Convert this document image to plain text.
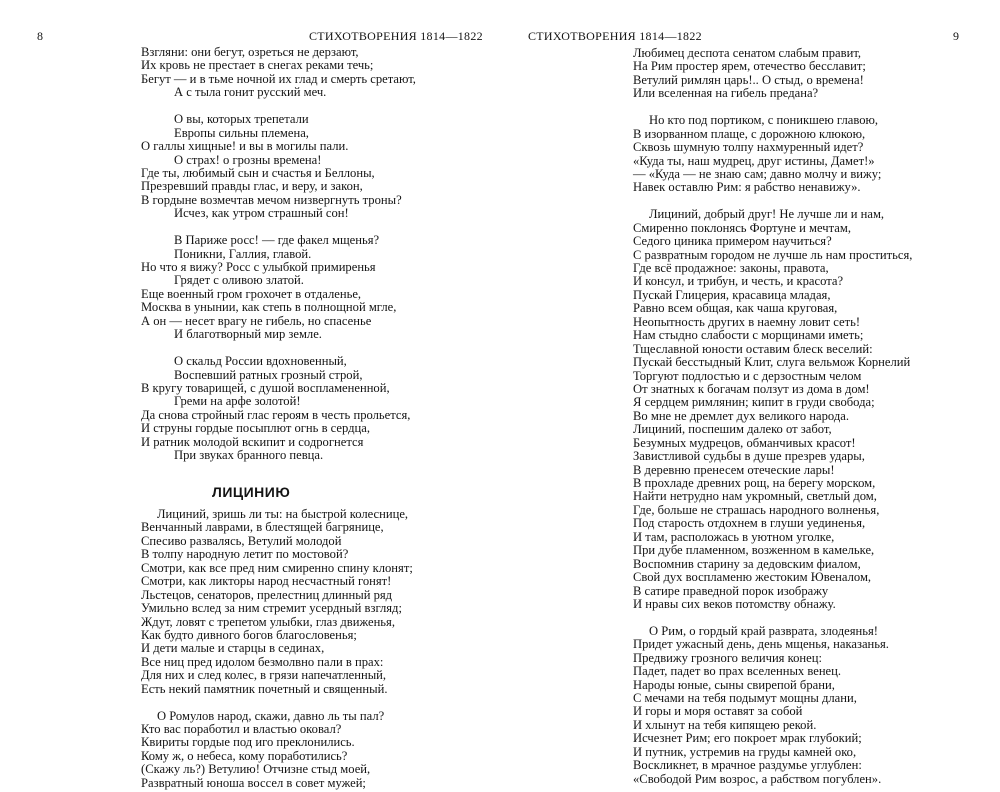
8	СТИХОТВОРЕНИЯ 1814—1822
Взгляни: они бегут, озреться не дерзают,
Их кровь не престает в снегах реками течь;
Бегут — и в тьме ночной их глад и смерть сретают,
А с тыла гонит русский меч.
О вы, которых трепетали
Европы сильны племена,
О галлы хищные! и вы в могилы пали.
О страх! о грозны времена!
Где ты, любимый сын и счастья и Беллоны,
Презревший правды глас, и веру, и закон,
В гордыне возмечтав мечом низвергнуть троны?
Исчез, как утром страшный сон!
В Париже росс! — где факел мщенья?
Поникни, Галлия, главой.
Но что я вижу? Росс с улыбкой примиренья
Грядет с оливою златой.
Еще военный гром грохочет в отдаленье,
Москва в унынии, как степь в полнощной мгле,
А он — несет врагу не гибель, но спасенье
И благотворный мир земле.
О скальд России вдохновенный,
Воспевший ратных грозный строй,
В кругу товарищей, с душой воспламененной,
Греми на арфе золотой!
Да снова стройный глас героям в честь прольется,
И струны гордые посыплют огнь в сердца,
И ратник молодой вскипит и содрогнется
При звуках бранного певца.
ЛИЦИНИЮ
Лициний, зришь ли ты: на быстрой колеснице,
Венчанный лаврами, в блестящей багрянице,
Спесиво развалясь, Ветулий молодой
В толпу народную летит по мостовой?
Смотри, как все пред ним смиренно спину клонят;
Смотри, как ликторы народ несчастный гонят!
Льстецов, сенаторов, прелестниц длинный ряд
Умильно вслед за ним стремит усердный взгляд;
Ждут, ловят с трепетом улыбки, глаз движенья,
Как будто дивного богов благословенья;
И дети малые и старцы в сединах,
Все ниц пред идолом безмолвно пали в прах:
Для них и след колес, в грязи напечатленный,
Есть некий памятник почетный и священный.
О Ромулов народ, скажи, давно ль ты пал?
Кто вас поработил и властью оковал?
Квириты гордые под иго преклонились.
Кому ж, о небеса, кому поработились?
(Скажу ль?) Ветулию! Отчизне стыд моей,
Развратный юноша воссел в совет мужей;
9
СТИХОТВОРЕНИЯ 1814—1822
Любимец деспота сенатом слабым правит,
На Рим простер ярем, отечество бесславит;
Ветулий римлян царь!.. О стыд, о времена!
Или вселенная на гибель предана?
Но кто под портиком, с поникшею главою,
В изорванном плаще, с дорожною клюкою,
Сквозь шумную толпу нахмуренный идет?
«Куда ты, наш мудрец, друг истины, Дамет!»
— «Куда — не знаю сам; давно молчу и вижу;
Навек оставлю Рим: я рабство ненавижу».
Лициний, добрый друг! Не лучше ли и нам,
Смиренно поклонясь Фортуне и мечтам,
Седого циника примером научиться?
С развратным городом не лучше ль нам проститься,
Где всё продажное: законы, правота,
И консул, и трибун, и честь, и красота?
Пускай Глицерия, красавица младая,
Равно всем общая, как чаша круговая,
Неопытность других в наемну ловит сеть!
Нам стыдно слабости с морщинами иметь;
Тщеславной юности оставим блеск веселий:
Пускай бесстыдный Клит, слуга вельмож Корнелий
Торгуют подлостью и с дерзостным челом
От знатных к богачам ползут из дома в дом!
Я сердцем римлянин; кипит в груди свобода;
Во мне не дремлет дух великого народа.
Лициний, поспешим далеко от забот,
Безумных мудрецов, обманчивых красот!
Завистливой судьбы в душе презрев удары,
В деревню пренесем отеческие лары!
В прохладе древних рощ, на берегу морском,
Найти нетрудно нам укромный, светлый дом,
Где, больше не страшась народного волненья,
Под старость отдохнем в глуши уединенья,
И там, расположась в уютном уголке,
При дубе пламенном, возженном в камельке,
Воспомнив старину за дедовским фиалом,
Свой дух воспламеню жестоким Ювеналом,
В сатире праведной порок изображу
И нравы сих веков потомству обнажу.
О Рим, о гордый край разврата, злодеянья!
Придет ужасный день, день мщенья, наказанья.
Предвижу грозного величия конец:
Падет, падет во прах вселенных венец.
Народы юные, сыны свирепой брани,
С мечами на тебя подымут мощны длани,
И горы и моря оставят за собой
И хлынут на тебя кипящею рекой.
Исчезнет Рим; его покроет мрак глубокий;
И путник, устремив на груды камней око,
Воскликнет, в мрачное раздумье углублен:
«Свободой Рим возрос, а рабством погублен».
